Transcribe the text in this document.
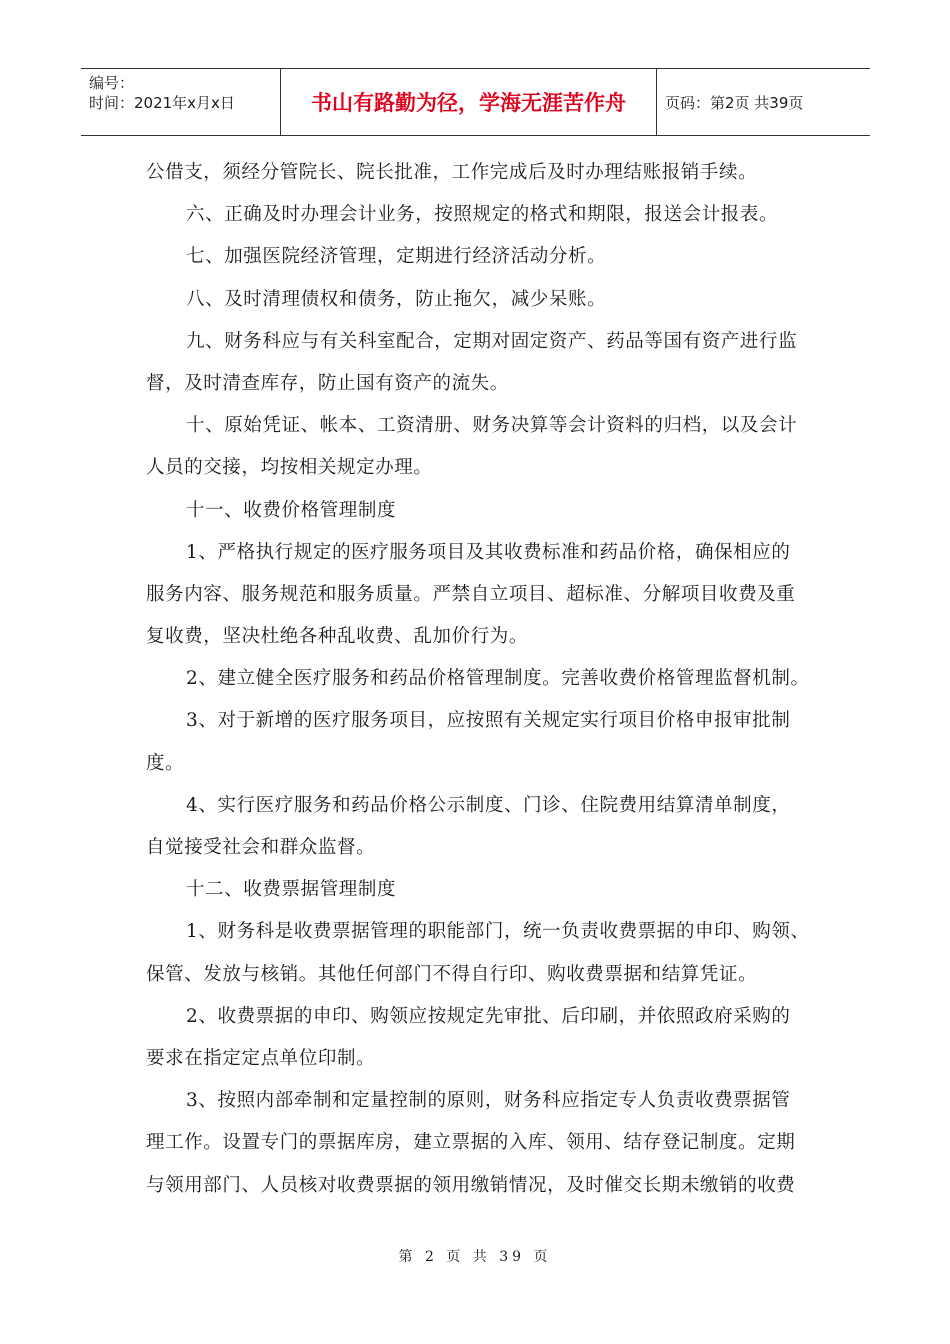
编号：
时间：2021年x月x日	书山有路勤为径，学海无涯苦作舟	页码：第2页 共39页
公借支，须经分管院长、院长批准，工作完成后及时办理结账报销手续。
六、正确及时办理会计业务，按照规定的格式和期限，报送会计报表。
七、加强医院经济管理，定期进行经济活动分析。
八、及时清理债权和债务，防止拖欠，减少呆账。
九、财务科应与有关科室配合，定期对固定资产、药品等国有资产进行监
督，及时清查库存，防止国有资产的流失。
十、原始凭证、帐本、工资清册、财务决算等会计资料的归档，以及会计
人员的交接，均按相关规定办理。
十一、收费价格管理制度
1、严格执行规定的医疗服务项目及其收费标准和药品价格，确保相应的
服务内容、服务规范和服务质量。严禁自立项目、超标准、分解项目收费及重
复收费，坚决杜绝各种乱收费、乱加价行为。
2、建立健全医疗服务和药品价格管理制度。完善收费价格管理监督机制。
3、对于新增的医疗服务项目，应按照有关规定实行项目价格申报审批制
度。
4、实行医疗服务和药品价格公示制度、门诊、住院费用结算清单制度，
自觉接受社会和群众监督。
十二、收费票据管理制度
1、财务科是收费票据管理的职能部门，统一负责收费票据的申印、购领、
保管、发放与核销。其他任何部门不得自行印、购收费票据和结算凭证。
2、收费票据的申印、购领应按规定先审批、后印刷，并依照政府采购的
要求在指定定点单位印制。
3、按照内部牵制和定量控制的原则，财务科应指定专人负责收费票据管
理工作。设置专门的票据库房，建立票据的入库、领用、结存登记制度。定期
与领用部门、人员核对收费票据的领用缴销情况，及时催交长期未缴销的收费
第 2 页 共 39 页
